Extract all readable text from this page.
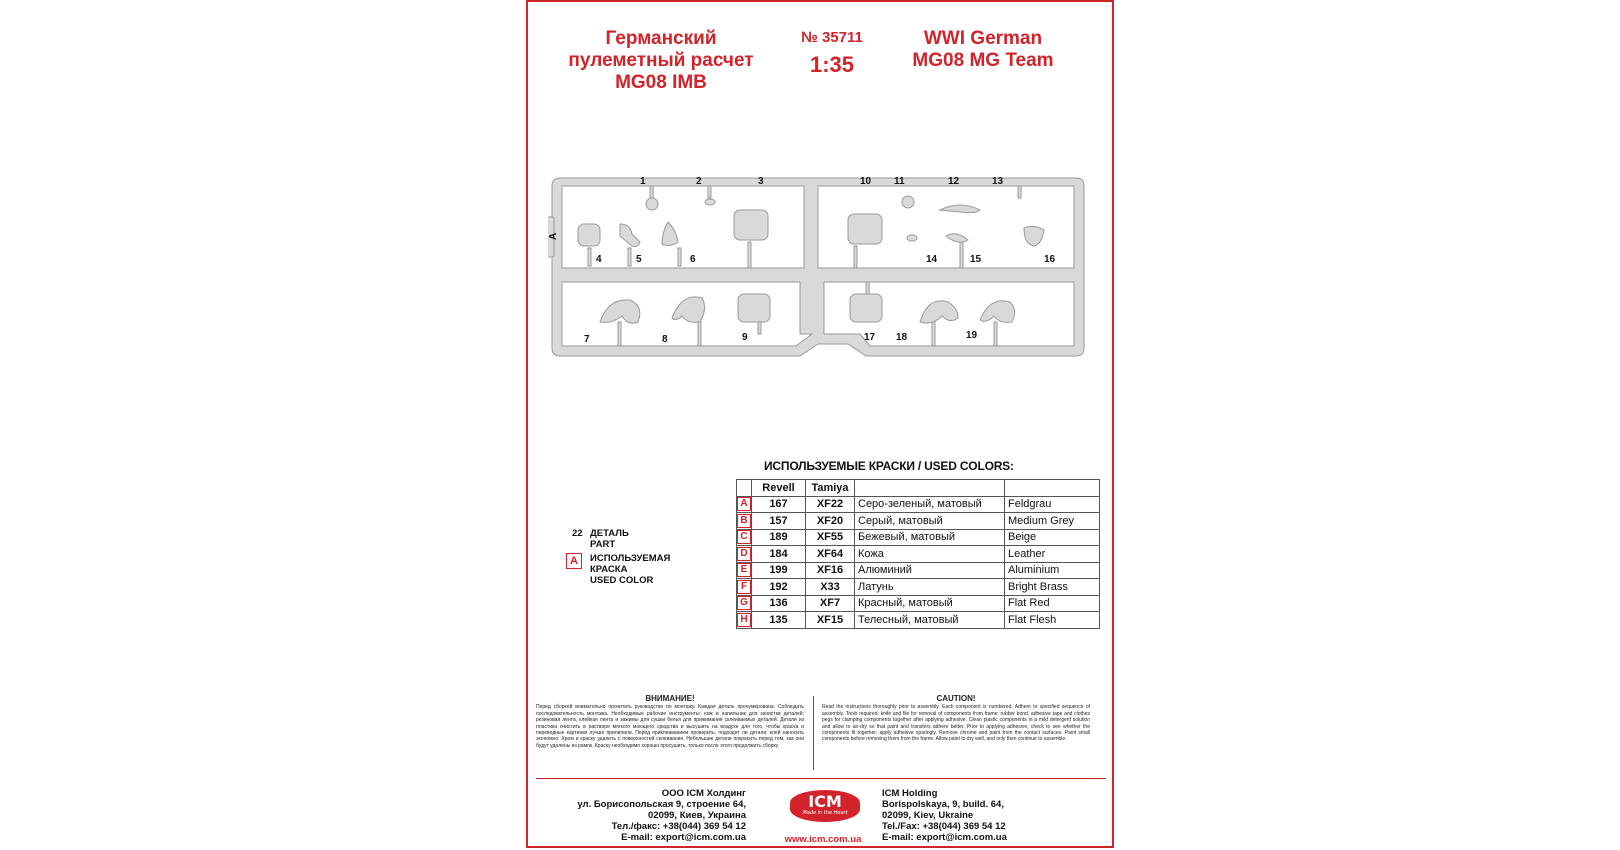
Германский
пулеметный расчет
MG08 IMB
№ 35711
1:35
WWI German
MG08 MG Team
A
1	2	3
4	5	6
7	8	9
10 11	12	13
14	15	16
17 18	19
ИСПОЛЬЗУЕМЫЕ КРАСКИ / USED COLORS:
	Revell	Tamiya		
A	167	XF22	Серо-зеленый, матовый	Feldgrau
B	157	XF20	Серый, матовый	Medium Grey
C	189	XF55	Бежевый, матовый	Beige
D	184	XF64	Кожа	Leather
E	199	XF16	Алюминий	Aluminium
F	192	X33	Латунь	Bright Brass
G	136	XF7	Красный, матовый	Flat Red
H	135	XF15	Телесный, матовый	Flat Flesh
22 ДЕТАЛЬ
PART
A	ИСПОЛЬЗУЕМАЯ КРАСКА
USED COLOR
ВНИМАНИЕ!
Перед сборкой внимательно прочитать руководство по монтажу. Каждая деталь пронумерована. Соблюдать последовательность монтажа. Необходимые рабочие инструменты: нож и напильник для зачистки деталей; резиновая лента, клейкая лента и зажимы для сушки белья для прижимания склеиваемых деталей. Детали из пластика очистить в растворе мягкого моющего средства и высушить на воздухе для того, чтобы краска и переводные картинки лучше прилипали. Перед приклеиванием проверить, подходят ли детали; клей наносить экономно. Хром и краску удалить с поверхностей склеивания. Небольшие детали покрасить перед тем, как они будут удалены из рамок. Краску необходимо хорошо просушить, только после этого продолжить сборку.
CAUTION!
Read the instructions thoroughly prior to assembly. Each component is numbered. Adhere to specified sequence of assembly. Tools required: knife and file for removal of components from frame; rubber bond, adhesive tape and clothes pegs for clamping components together after applying adhesive. Clean plastic components in a mild detergent solution and allow to air-dry so that paint and transfers adhere better. Prior to applying adhesive, check to see whether the components fit together; apply adhesive sparingly. Remove chrome and paint from the contact surfaces. Paint small components before removing them from the frame. Allow paint to dry well, and only then continue to assemble.
ООО ICM Холдинг
ул. Борисопольская 9, строение 64,
02099, Киев, Украина
Тел./факс: +38(044) 369 54 12
E-mail: export@icm.com.ua
ICM
Made in the Heart
www.icm.com.ua
ICM Holding
Borispolskaya, 9, build. 64,
02099, Kiev, Ukraine
Tel./Fax: +38(044) 369 54 12
E-mail: export@icm.com.ua
